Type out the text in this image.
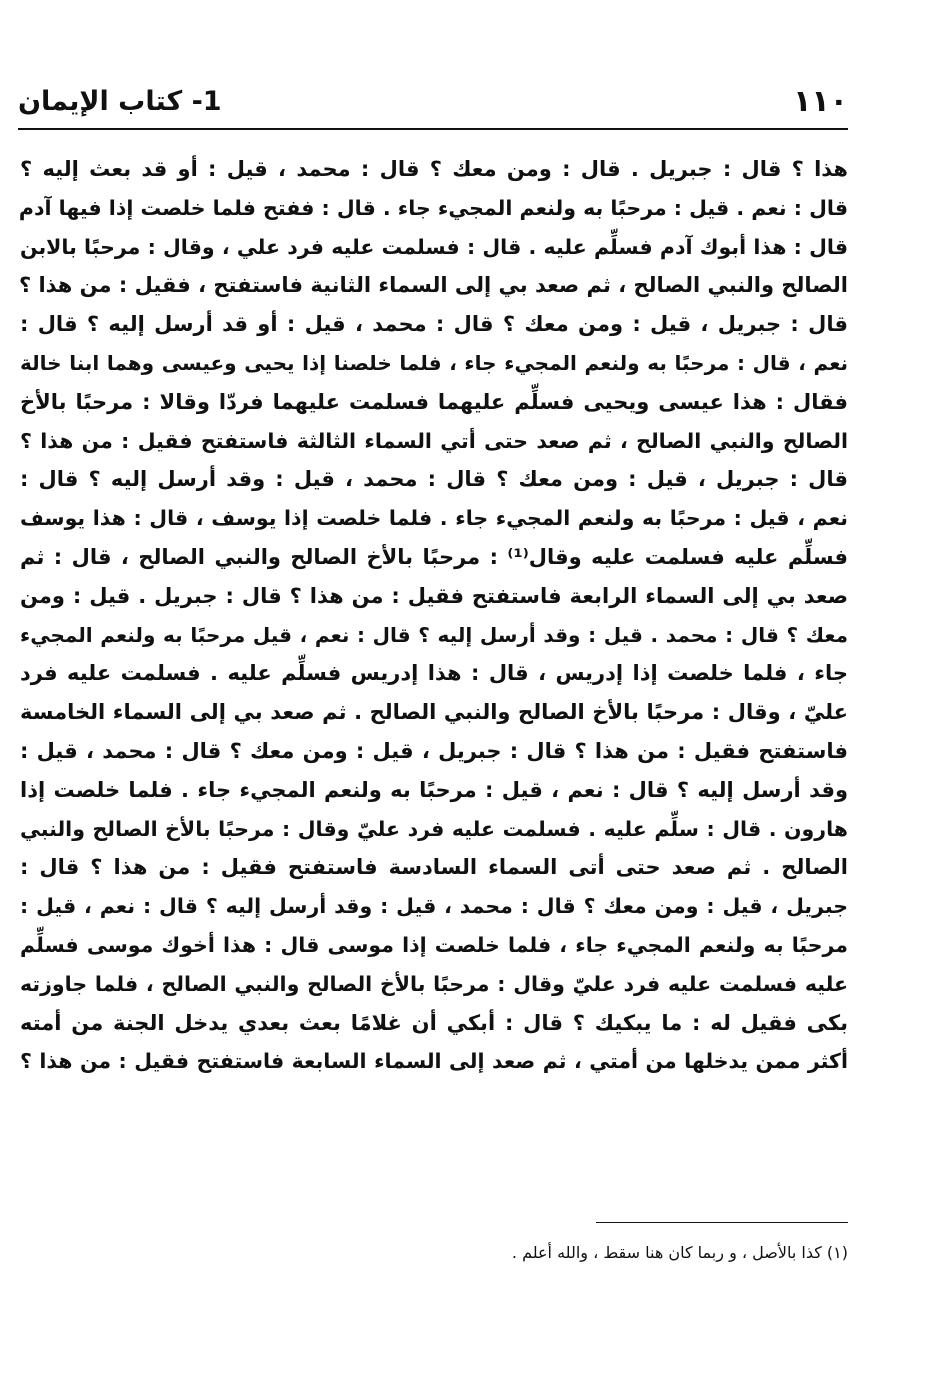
١١٠
1- كتاب الإيمان
هذا ؟ قال : جبريل . قال : ومن معك ؟ قال : محمد ، قيل : أو قد بعث إليه ؟
قال : نعم . قيل : مرحبًا به ولنعم المجيء جاء . قال : ففتح فلما خلصت إذا فيها آدم
قال : هذا أبوك آدم فسلِّم عليه . قال : فسلمت عليه فرد علي ، وقال : مرحبًا بالابن
الصالح والنبي الصالح ، ثم صعد بي إلى السماء الثانية فاستفتح ، فقيل : من هذا ؟
قال : جبريل ، قيل : ومن معك ؟ قال : محمد ، قيل : أو قد أرسل إليه ؟ قال :
نعم ، قال : مرحبًا به ولنعم المجيء جاء ، فلما خلصنا إذا يحيى وعيسى وهما ابنا خالة
فقال : هذا عيسى ويحيى فسلِّم عليهما فسلمت عليهما فردّا وقالا : مرحبًا بالأخ
الصالح والنبي الصالح ، ثم صعد حتى أتي السماء الثالثة فاستفتح فقيل : من هذا ؟
قال : جبريل ، قيل : ومن معك ؟ قال : محمد ، قيل : وقد أرسل إليه ؟ قال :
نعم ، قيل : مرحبًا به ولنعم المجيء جاء . فلما خلصت إذا يوسف ، قال : هذا يوسف
فسلِّم عليه فسلمت عليه وقال⁽¹⁾ : مرحبًا بالأخ الصالح والنبي الصالح ، قال : ثم
صعد بي إلى السماء الرابعة فاستفتح فقيل : من هذا ؟ قال : جبريل . قيل : ومن
معك ؟ قال : محمد . قيل : وقد أرسل إليه ؟ قال : نعم ، قيل مرحبًا به ولنعم المجيء
جاء ، فلما خلصت إذا إدريس ، قال : هذا إدريس فسلِّم عليه . فسلمت عليه فرد
عليّ ، وقال : مرحبًا بالأخ الصالح والنبي الصالح . ثم صعد بي إلى السماء الخامسة
فاستفتح فقيل : من هذا ؟ قال : جبريل ، قيل : ومن معك ؟ قال : محمد ، قيل :
وقد أرسل إليه ؟ قال : نعم ، قيل : مرحبًا به ولنعم المجيء جاء . فلما خلصت إذا
هارون . قال : سلِّم عليه . فسلمت عليه فرد عليّ وقال : مرحبًا بالأخ الصالح والنبي
الصالح . ثم صعد حتى أتى السماء السادسة فاستفتح فقيل : من هذا ؟ قال :
جبريل ، قيل : ومن معك ؟ قال : محمد ، قيل : وقد أرسل إليه ؟ قال : نعم ، قيل :
مرحبًا به ولنعم المجيء جاء ، فلما خلصت إذا موسى قال : هذا أخوك موسى فسلِّم
عليه فسلمت عليه فرد عليّ وقال : مرحبًا بالأخ الصالح والنبي الصالح ، فلما جاوزته
بكى فقيل له : ما يبكيك ؟ قال : أبكي أن غلامًا بعث بعدي يدخل الجنة من أمته
أكثر ممن يدخلها من أمتي ، ثم صعد إلى السماء السابعة فاستفتح فقيل : من هذا ؟
(١) كذا بالأصل ، و ربما كان هنا سقط ، والله أعلم .
